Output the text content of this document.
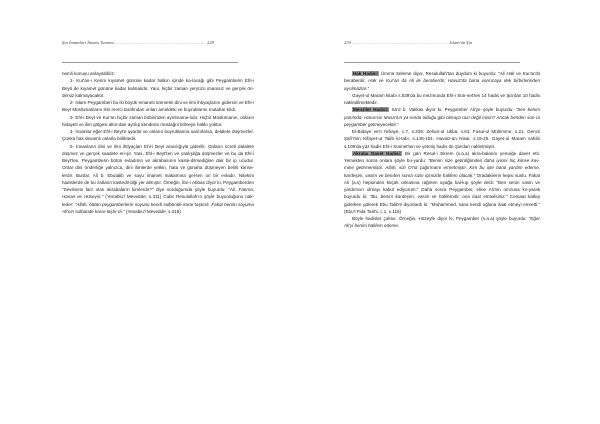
Şia İmamları İmamı Tanıma .................................................... 229

nemli konuyu anlayabiliriz:

1- Kur'an-ı Kerim kıyamet gününe kadar halkın içinde ka-lacağı gibi Peygamberin Ehl-i Beyti de kıyamet gününe kadar kalmalıdır. Yani, hiçbir zaman yeryüzü imamsız ve gerçek ön-dersiz kalmayacaktır.

2- İslam Peygamberi bu iki büyük emaneti ümmetin dini ve ilmi ihtiyaçlarını gidersin ve Ehl-i Beyt Müslümanların ilmi merci tarafından onları ameldeki ve buyruklarını mutabar kıldı.

3- Ehl-i Beyt ve Kur'an hiçbir zaman birbirinden ayrılmama-lıdır. Hiçbir Müslümanın, onların hidayeti ve ilim gölgesi altın-dan ayrılıp kendisini müstağni bilmeye hakkı yoktur.

4- İnsanlar eğer Ehl-i Beyt'e uyarlar ve onların buyruklarına sarılırlarsa, delalete düşmezler. Çünkü hak devamlı onlarla birliktedir.

5- İnsanların dini ve ilmi ihtiyaçları Ehl-i Beyt aracılığıyla giderilir. Onların ücreti dalalete düşmez ve gerçek saadete eri-şir. Yani, Ehl-i Beyt'ten ve yanlışlığa düşmezler ve bu da Ehl-i Beyt'ten, Peygamberin bütün evladının ve akrabasının kaste-dilmediğine dair bir ip ucudur. Onlar dini önderliğe yalnızca, dini ilimlerde yetkin, hata ve günaha düşmeyen belirli kimse-lerdir. Bunlar, Ali b. Ebutalib ve soyu imamet makamına gel-ten on bir evladır. Nitekim hadislerde de bu zatların kastedil-diği yer almıştır. Örneğin, İbn-i Abbas diyor ki, Peygamberden "Sevilmesi farz olan akrabaların kimlerdir?" diye sorduğumda şöyle buyurdu: "Ali, Fatıma, Hasan ve Hüseyin." (Yenabiu'l Mevedde, s.311) Cabir Resulullah'ın şöyle buyurduğunu nak-leder: "Allah, bütün peygamberlerin soyunu kendi sulbünde karar-laştırdı. Fakat benim soyumu Ali'nin sulbünde karar-laştır-dı." (Yenabiu'l Mevedde, s.318)

230 ....................................................... İslam'da Şia

Hak Hadisi: Ümmü Seleme diyor, Resulullah'tan duydum ki buyurdu: "Ali Hak ve Kur'an'la beraberdir, Hak ve Kur'an da Ali ile beraberdir; Havuz'da bana varıncaya dek birbirlerinden ayrılmazlar."

Gayet-ul Maram kitabı s.539'da bu mezmunda Ehl-i Sün-net'ten 14 hadis ve Şia'dan 10 hadis nakledilmektedir.

Menzilet Hadisi: Sa'd b. Vakkas diyor ki, Peygamber Ali'ye şöyle buyurdu: "Sen benim yanımda, Harun'un Musa'nın ya-nında olduğu gibi olmaya razı değil misin? Ancak benden son-ra peygamber gelmeyecektir."

El-Bidaye ve'n Nihaye, c.7, s.339; Zehair-ul Ukba, s.63. Fusul-ul Mühimme, s.21. Gencii Şafi'i'nin Kifayet-ut Talib ki-tabı, s.148-154. Havaiz-ün Nisai, s.19-25. Gayet-ul Maram sahibi s.109'da yüz hadis Ehl-i Sünnet'ten ve yetmiş hadis de Şia'dan nakletmiştir.

Akraba Davet Hadisi: Bir gün Resul-i Ekrem (s.a.a) akra-balarını yemeğe davet etti. Yemekten sonra onlara şöyle bu-yurdu: "Benim size getirdiğimden daha iyisini hiç kimse kav-mine getirmemiştir. Allah, sizi O'na çağırmamı emretmiştir. Kim bu işte bana yardım ederse, kardeşim, vasim ve benden sonra sizin içimizde halifem olacak." Oradakilerin hepsi sustu. Fakat Ali (a.s) hepsinden küçük olmasına rağmen ayağa kal-kıp şöyle dedi: "Ben senin vasin ve yardımcın olmayı kabul ediyorum." Daha sonra Peygamber, eline Ali'nin omzuna ko-yarak buyurdu ki: "Bu, benim kardeşim, vasim ve halifemdir; ona itaat etmelisiniz." Cemaat kalkıp giderken gülerek Ebu Talib'e diyorlardı ki: "Muhammed, sana kendi oğluna itaat etmeyi emretti." (Ebu'l Fida Tarihi, c.1, s.116)

Böyle hadisler çoktur. Örneğin, Hüzeyfe diyor ki, Peygamber (s.a.a) şöyle buyurdu: "Eğer Ali'yi benim halifem ederse,
